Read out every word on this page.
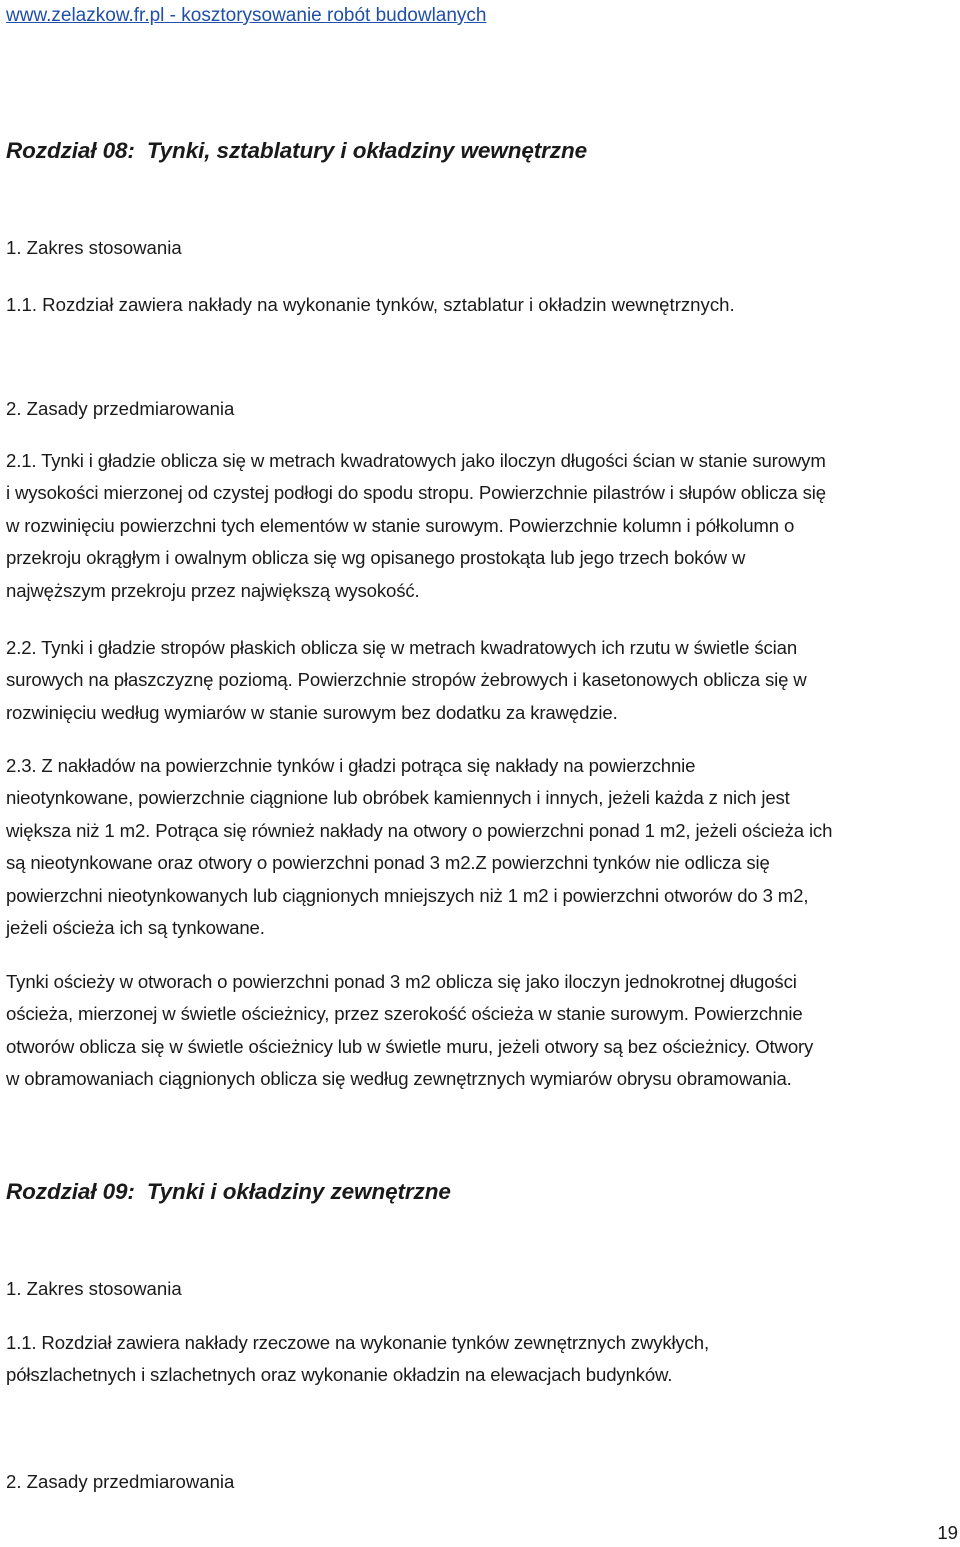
www.zelazkow.fr.pl - kosztorysowanie robót budowlanych
Rozdział 08: Tynki, sztablatury i okładziny wewnętrzne
1. Zakres stosowania
1.1. Rozdział zawiera nakłady na wykonanie tynków, sztablatur i okładzin wewnętrznych.
2. Zasady przedmiarowania
2.1. Tynki i gładzie oblicza się w metrach kwadratowych jako iloczyn długości ścian w stanie surowym
i wysokości mierzonej od czystej podłogi do spodu stropu. Powierzchnie pilastrów i słupów oblicza się
w rozwinięciu powierzchni tych elementów w stanie surowym. Powierzchnie kolumn i półkolumn o
przekroju okrągłym i owalnym oblicza się wg opisanego prostokąta lub jego trzech boków w
najwęższym przekroju przez największą wysokość.
2.2. Tynki i gładzie stropów płaskich oblicza się w metrach kwadratowych ich rzutu w świetle ścian
surowych na płaszczyznę poziomą. Powierzchnie stropów żebrowych i kasetonowych oblicza się w
rozwinięciu według wymiarów w stanie surowym bez dodatku za krawędzie.
2.3. Z nakładów na powierzchnie tynków i gładzi potrąca się nakłady na powierzchnie
nieotynkowane, powierzchnie ciągnione lub obróbek kamiennych i innych, jeżeli każda z nich jest
większa niż 1 m2. Potrąca się również nakłady na otwory o powierzchni ponad 1 m2, jeżeli ościeża ich
są nieotynkowane oraz otwory o powierzchni ponad 3 m2.Z powierzchni tynków nie odlicza się
powierzchni nieotynkowanych lub ciągnionych mniejszych niż 1 m2 i powierzchni otworów do 3 m2,
jeżeli ościeża ich są tynkowane.
Tynki ościeży w otworach o powierzchni ponad 3 m2 oblicza się jako iloczyn jednokrotnej długości
ościeża, mierzonej w świetle ościeżnicy, przez szerokość ościeża w stanie surowym. Powierzchnie
otworów oblicza się w świetle ościeżnicy lub w świetle muru, jeżeli otwory są bez ościeżnicy. Otwory
w obramowaniach ciągnionych oblicza się według zewnętrznych wymiarów obrysu obramowania.
Rozdział 09: Tynki i okładziny zewnętrzne
1. Zakres stosowania
1.1. Rozdział zawiera nakłady rzeczowe na wykonanie tynków zewnętrznych zwykłych,
półszlachetnych i szlachetnych oraz wykonanie okładzin na elewacjach budynków.
2. Zasady przedmiarowania
19
